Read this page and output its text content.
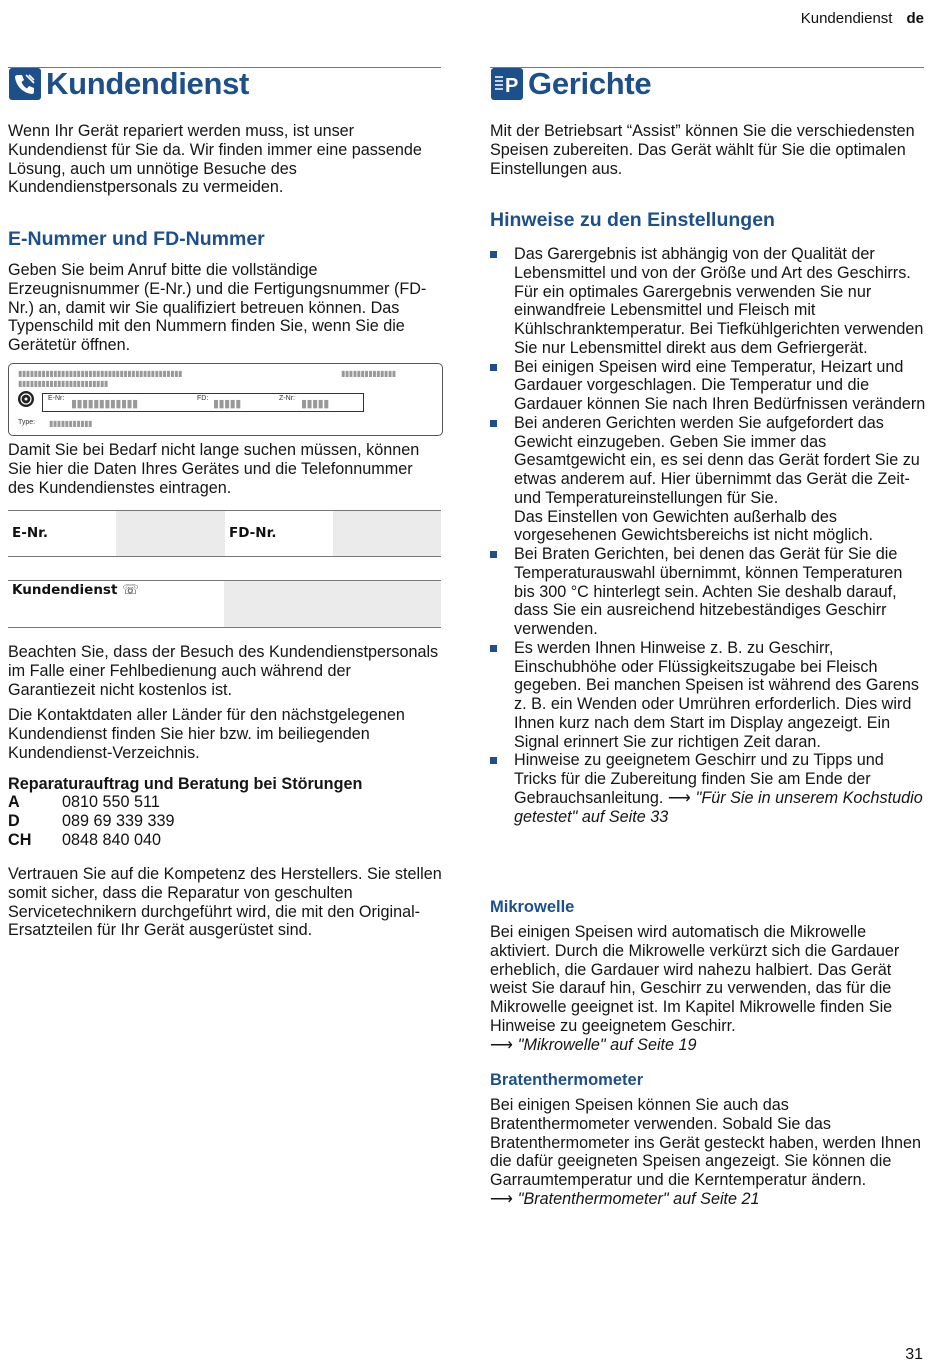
Kundendienst de
Kundendienst

Wenn Ihr Gerät repariert werden muss, ist unser Kundendienst für Sie da. Wir finden immer eine passende Lösung, auch um unnötige Besuche des Kundendienstpersonals zu vermeiden.

E-Nummer und FD-Nummer

Geben Sie beim Anruf bitte die vollständige Erzeugnisnummer (E-Nr.) und die Fertigungsnummer (FD-Nr.) an, damit wir Sie qualifiziert betreuen können. Das Typenschild mit den Nummern finden Sie, wenn Sie die Gerätetür öffnen.

▮▮▮▮▮▮▮▮▮▮▮▮▮▮▮▮▮▮▮▮▮▮▮▮▮▮▮▮▮▮▮▮▮▮▮▮▮▮▮▮▮▮
▮▮▮▮▮▮▮▮▮▮▮▮▮▮▮▮▮▮▮▮▮▮▮
▮▮▮▮▮▮▮▮▮▮▮▮▮▮
E-Nr: ▮▮▮▮▮▮▮▮▮▮▮▮	FD: ▮▮▮▮▮	Z-Nr: ▮▮▮▮▮
Type: ▮▮▮▮▮▮▮▮▮▮▮

Damit Sie bei Bedarf nicht lange suchen müssen, können Sie hier die Daten Ihres Gerätes und die Telefonnummer des Kundendienstes eintragen.

E-Nr.	FD-Nr.
Kundendienst ☏

Beachten Sie, dass der Besuch des Kundendienstpersonals im Falle einer Fehlbedienung auch während der Garantiezeit nicht kostenlos ist.

Die Kontaktdaten aller Länder für den nächstgelegenen Kundendienst finden Sie hier bzw. im beiliegenden Kundendienst-Verzeichnis.

Reparaturauftrag und Beratung bei Störungen
A	0810 550 511
D	089 69 339 339
CH	0848 840 040

Vertrauen Sie auf die Kompetenz des Herstellers. Sie stellen somit sicher, dass die Reparatur von geschulten Servicetechnikern durchgeführt wird, die mit den Original-Ersatzteilen für Ihr Gerät ausgerüstet sind.

P Gerichte

Mit der Betriebsart “Assist” können Sie die verschiedensten Speisen zubereiten. Das Gerät wählt für Sie die optimalen Einstellungen aus.

Hinweise zu den Einstellungen
Das Garergebnis ist abhängig von der Qualität der Lebensmittel und von der Größe und Art des Geschirrs. Für ein optimales Garergebnis verwenden Sie nur einwandfreie Lebensmittel und Fleisch mit Kühlschranktemperatur. Bei Tiefkühlgerichten verwenden Sie nur Lebensmittel direkt aus dem Gefriergerät.
Bei einigen Speisen wird eine Temperatur, Heizart und Gardauer vorgeschlagen. Die Temperatur und die Gardauer können Sie nach Ihren Bedürfnissen verändern
Bei anderen Gerichten werden Sie aufgefordert das Gewicht einzugeben. Geben Sie immer das Gesamtgewicht ein, es sei denn das Gerät fordert Sie zu etwas anderem auf. Hier übernimmt das Gerät die Zeit- und Temperatureinstellungen für Sie.
Das Einstellen von Gewichten außerhalb des vorgesehenen Gewichtsbereichs ist nicht möglich.
Bei Braten Gerichten, bei denen das Gerät für Sie die Temperaturauswahl übernimmt, können Temperaturen bis 300 °C hinterlegt sein. Achten Sie deshalb darauf, dass Sie ein ausreichend hitzebeständiges Geschirr verwenden.
Es werden Ihnen Hinweise z. B. zu Geschirr, Einschubhöhe oder Flüssigkeitszugabe bei Fleisch gegeben. Bei manchen Speisen ist während des Garens z. B. ein Wenden oder Umrühren erforderlich. Dies wird Ihnen kurz nach dem Start im Display angezeigt. Ein Signal erinnert Sie zur richtigen Zeit daran.
Hinweise zu geeignetem Geschirr und zu Tipps und Tricks für die Zubereitung finden Sie am Ende der Gebrauchsanleitung. ⟶ "Für Sie in unserem Kochstudio getestet" auf Seite 33
Mikrowelle

Bei einigen Speisen wird automatisch die Mikrowelle aktiviert. Durch die Mikrowelle verkürzt sich die Gardauer erheblich, die Gardauer wird nahezu halbiert. Das Gerät weist Sie darauf hin, Geschirr zu verwenden, das für die Mikrowelle geeignet ist. Im Kapitel Mikrowelle finden Sie Hinweise zu geeignetem Geschirr.
⟶ "Mikrowelle" auf Seite 19

Bratenthermometer

Bei einigen Speisen können Sie auch das Bratenthermometer verwenden. Sobald Sie das Bratenthermometer ins Gerät gesteckt haben, werden Ihnen die dafür geeigneten Speisen angezeigt. Sie können die Garraumtemperatur und die Kerntemperatur ändern.
⟶ "Bratenthermometer" auf Seite 21

31
